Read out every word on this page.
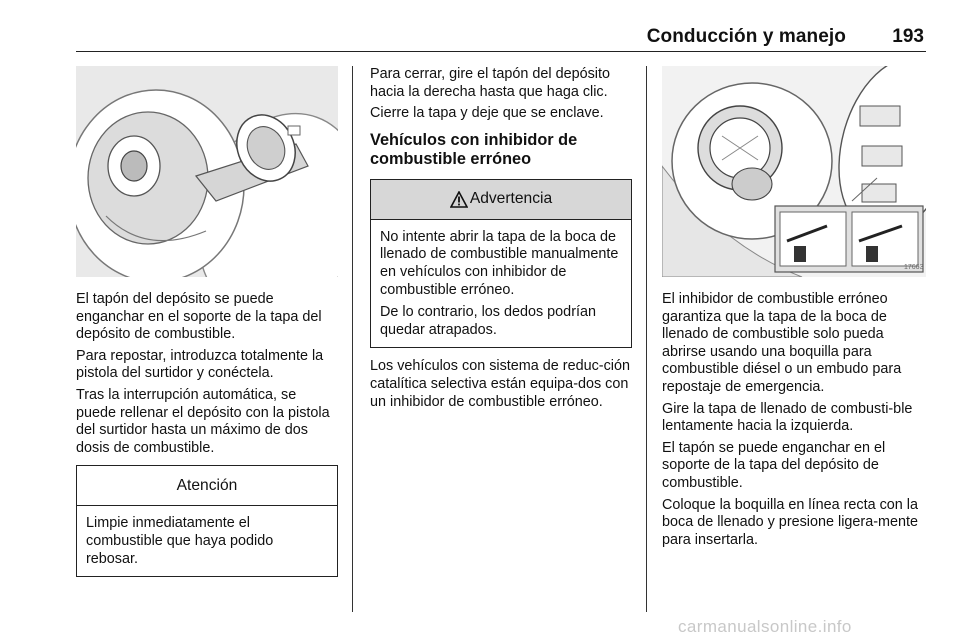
Conducción y manejo 193

El tapón del depósito se puede enganchar en el soporte de la tapa del depósito de combustible.

Para repostar, introduzca totalmente la pistola del surtidor y conéctela.

Tras la interrupción automática, se puede rellenar el depósito con la pistola del surtidor hasta un máximo de dos dosis de combustible.

Atención

Limpie inmediatamente el combustible que haya podido rebosar.

Para cerrar, gire el tapón del depósito hacia la derecha hasta que haga clic.

Cierre la tapa y deje que se enclave.

Vehículos con inhibidor de combustible erróneo
Advertencia

No intente abrir la tapa de la boca de llenado de combustible manualmente en vehículos con inhibidor de combustible erróneo.

De lo contrario, los dedos podrían quedar atrapados.

Los vehículos con sistema de reduc-ción catalítica selectiva están equipa-dos con un inhibidor de combustible erróneo.

17663

El inhibidor de combustible erróneo garantiza que la tapa de la boca de llenado de combustible solo pueda abrirse usando una boquilla para combustible diésel o un embudo para repostaje de emergencia.

Gire la tapa de llenado de combusti-ble lentamente hacia la izquierda.

El tapón se puede enganchar en el soporte de la tapa del depósito de combustible.

Coloque la boquilla en línea recta con la boca de llenado y presione ligera-mente para insertarla.

carmanualsonline.info
